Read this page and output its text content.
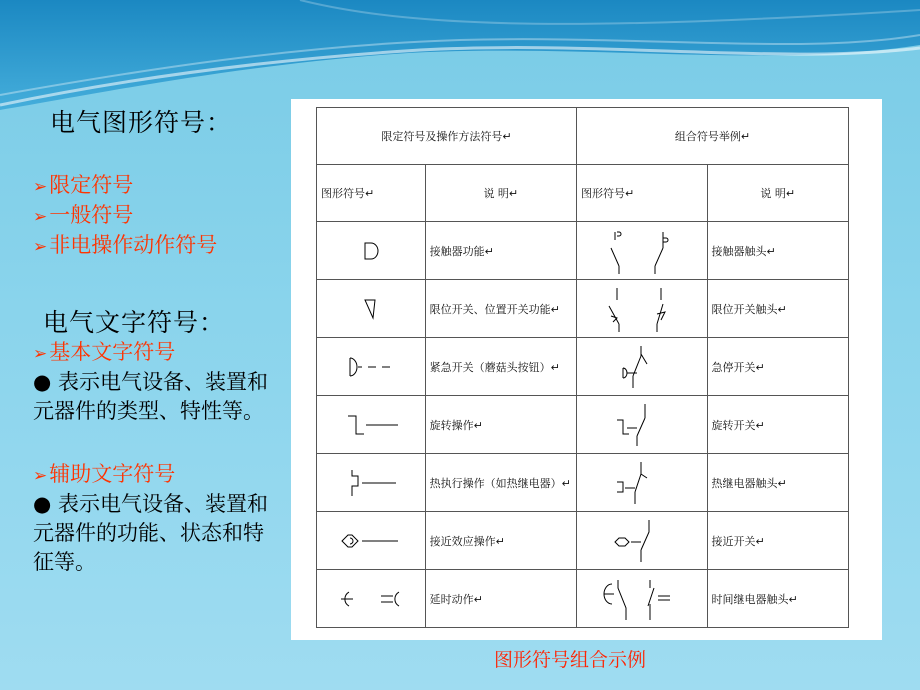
电气图形符号：
➢限定符号
➢一般符号
➢非电操作动作符号
电气文字符号：
➢基本文字符号
● 表示电气设备、装置和元器件的类型、特性等。
➢辅助文字符号
● 表示电气设备、装置和元器件的功能、状态和特征等。
限定符号及操作方法符号↵		组合符号举例↵	
图形符号↵	说 明↵	图形符号↵	说 明↵

	接触器功能↵		接触器触头↵

	限位开关、位置开关功能↵		限位开关触头↵

	紧急开关（蘑菇头按钮）↵		急停开关↵

	旋转操作↵		旋转开关↵

	热执行操作（如热继电器）↵		热继电器触头↵

	接近效应操作↵		接近开关↵

	延时动作↵		时间继电器触头↵
图形符号组合示例
